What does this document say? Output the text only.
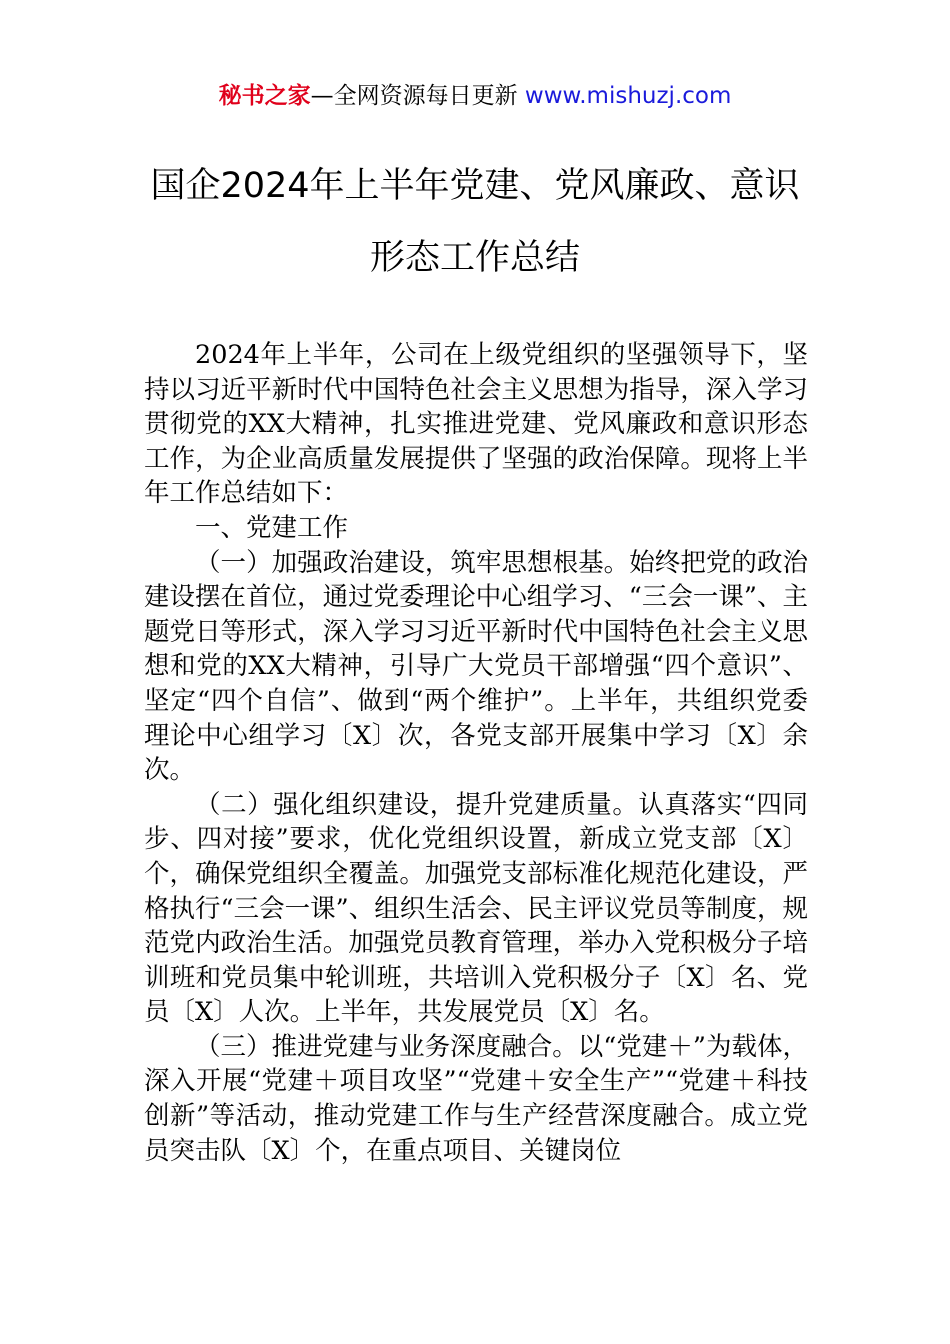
秘书之家—全网资源每日更新 www.mishuzj.com
国企2024年上半年党建、党风廉政、意识
形态工作总结

2024年上半年，公司在上级党组织的坚强领导下，坚持以习近平新时代中国特色社会主义思想为指导，深入学习贯彻党的XX大精神，扎实推进党建、党风廉政和意识形态工作，为企业高质量发展提供了坚强的政治保障。现将上半年工作总结如下：

一、党建工作

（一）加强政治建设，筑牢思想根基。始终把党的政治建设摆在首位，通过党委理论中心组学习、“三会一课”、主题党日等形式，深入学习习近平新时代中国特色社会主义思想和党的XX大精神，引导广大党员干部增强“四个意识”、坚定“四个自信”、做到“两个维护”。上半年，共组织党委理论中心组学习〔X〕次，各党支部开展集中学习〔X〕余次。

（二）强化组织建设，提升党建质量。认真落实“四同步、四对接”要求，优化党组织设置，新成立党支部〔X〕个，确保党组织全覆盖。加强党支部标准化规范化建设，严格执行“三会一课”、组织生活会、民主评议党员等制度，规范党内政治生活。加强党员教育管理，举办入党积极分子培训班和党员集中轮训班，共培训入党积极分子〔X〕名、党员〔X〕人次。上半年，共发展党员〔X〕名。

（三）推进党建与业务深度融合。以“党建＋”为载体，深入开展“党建＋项目攻坚”“党建＋安全生产”“党建＋科技创新”等活动，推动党建工作与生产经营深度融合。成立党员突击队〔X〕个，在重点项目、关键岗位
